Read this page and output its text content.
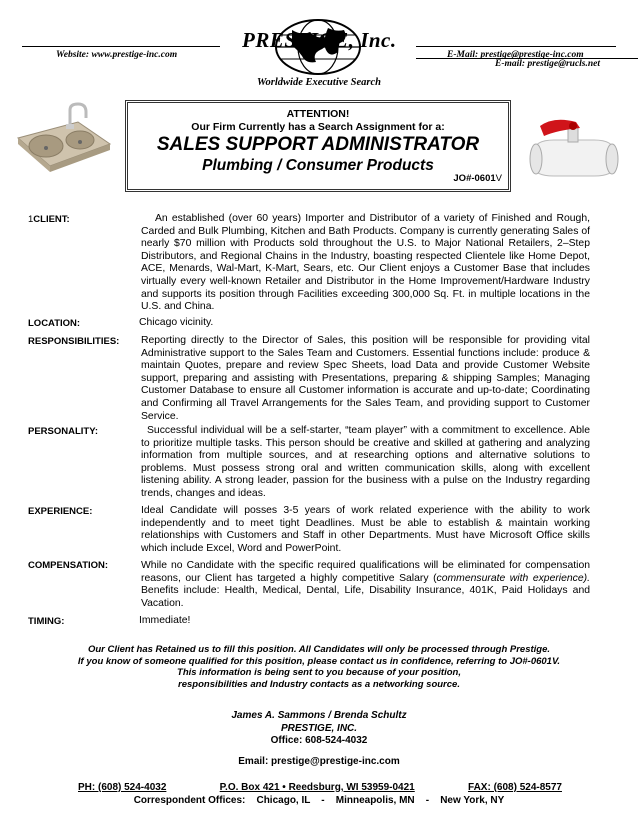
Website: www.prestige-inc.com	E-Mail: prestige@prestige-inc.com
E-mail: prestige@rucls.net
PRESTIGE, Inc.
Worldwide Executive Search
ATTENTION!
Our Firm Currently has a Search Assignment for a:
SALES SUPPORT ADMINISTRATOR
Plumbing / Consumer Products
JO#-0601V
1CLIENT:	An established (over 60 years) Importer and Distributor of a variety of Finished and Rough, Carded and Bulk Plumbing, Kitchen and Bath Products. Company is currently generating Sales of nearly $70 million with Products sold throughout the U.S. to Major National Retailers, 2–Step Distributors, and Regional Chains in the Industry, boasting respected Clientele like Home Depot, ACE, Menards, Wal-Mart, K-Mart, Sears, etc. Our Client enjoys a Customer Base that includes virtually every well-known Retailer and Distributor in the Home Improvement/Hardware Industry and supports its position through Facilities exceeding 300,000 Sq. Ft. in multiple locations in the U.S. and China.
LOCATION:	Chicago vicinity.
RESPONSIBILITIES: Reporting directly to the Director of Sales, this position will be responsible for providing vital Administrative support to the Sales Team and Customers. Essential functions include: produce & maintain Quotes, prepare and review Spec Sheets, load Data and provide Customer Website support, preparing and assisting with Presentations, preparing & shipping Samples; Managing Customer Database to ensure all Customer information is accurate and up-to-date; Coordinating and Confirming all Travel Arrangements for the Sales Team, and providing support to Customer Service.
PERSONALITY:	Successful individual will be a self-starter, “team player” with a commitment to excellence. Able to prioritize multiple tasks. This person should be creative and skilled at gathering and analyzing information from multiple sources, and at researching options and alternative solutions to problems. Must possess strong oral and written communication skills, along with excellent listening ability. A strong leader, passion for the business with a pulse on the Industry regarding trends, changes and ideas.
EXPERIENCE:	Ideal Candidate will posses 3-5 years of work related experience with the ability to work independently and to meet tight Deadlines. Must be able to establish & maintain working relationships with Customers and Staff in other Departments. Must have Microsoft Office skills which include Excel, Word and PowerPoint.
COMPENSATION:	While no Candidate with the specific required qualifications will be eliminated for compensation reasons, our Client has targeted a highly competitive Salary (commensurate with experience). Benefits include: Health, Medical, Dental, Life, Disability Insurance, 401K, Paid Holidays and Vacation.
TIMING:	Immediate!
Our Client has Retained us to fill this position. All Candidates will only be processed through Prestige.
If you know of someone qualified for this position, please contact us in confidence, referring to JO#-0601V.
This information is being sent to you because of your position,
responsibilities and Industry contacts as a networking source.
James A. Sammons / Brenda Schultz
PRESTIGE, INC.
Office: 608-524-4032
Email: prestige@prestige-inc.com
PH: (608) 524-4032	P.O. Box 421 • Reedsburg, WI 53959-0421	FAX: (608) 524-8577
Correspondent Offices:    Chicago, IL    -    Minneapolis, MN    -    New York, NY
